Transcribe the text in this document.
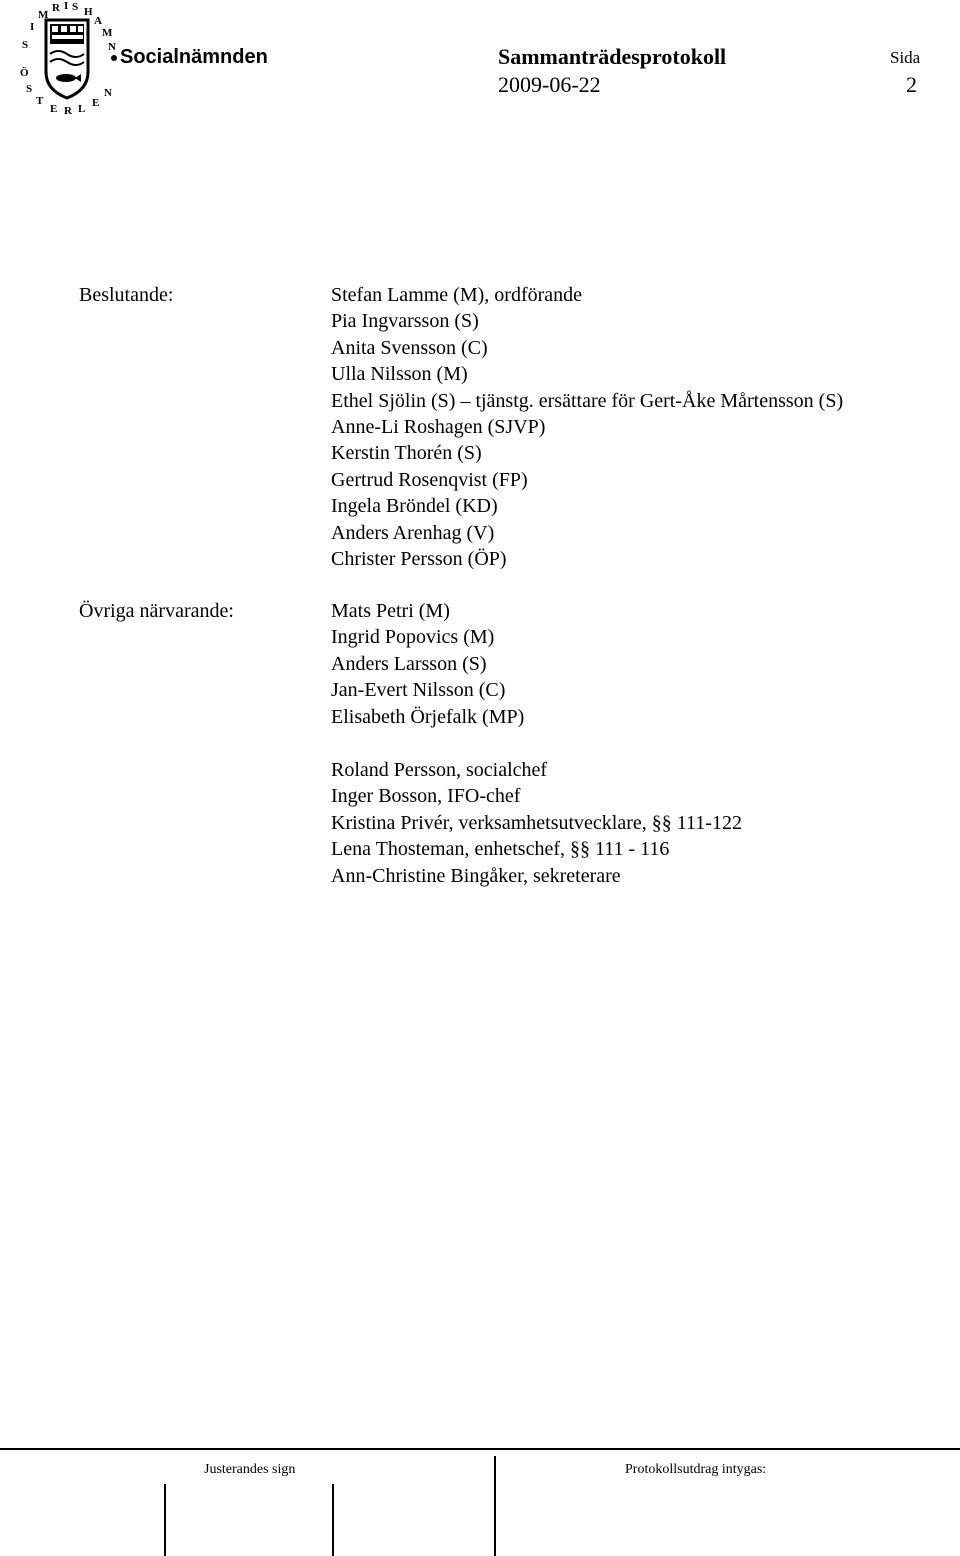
S
I
M
R I S H
A
M
N
Ö
S
T
E R L E
N
Socialnämnden	Sammanträdesprotokoll
2009-06-22
Sida
2
Beslutande:	Stefan Lamme (M), ordförande
Pia Ingvarsson (S)
Anita Svensson (C)
Ulla Nilsson (M)
Ethel Sjölin (S) – tjänstg. ersättare för Gert-Åke Mårtensson (S)
Anne-Li Roshagen (SJVP)
Kerstin Thorén (S)
Gertrud Rosenqvist (FP)
Ingela Bröndel (KD)
Anders Arenhag (V)
Christer Persson (ÖP)
Övriga närvarande:	Mats Petri (M)
Ingrid Popovics (M)
Anders Larsson (S)
Jan-Evert Nilsson (C)
Elisabeth Örjefalk (MP)
Roland Persson, socialchef
Inger Bosson, IFO-chef
Kristina Privér, verksamhetsutvecklare, §§ 111-122
Lena Thosteman, enhetschef, §§ 111 - 116
Ann-Christine Bingåker, sekreterare
Justerandes sign	Protokollsutdrag intygas:
